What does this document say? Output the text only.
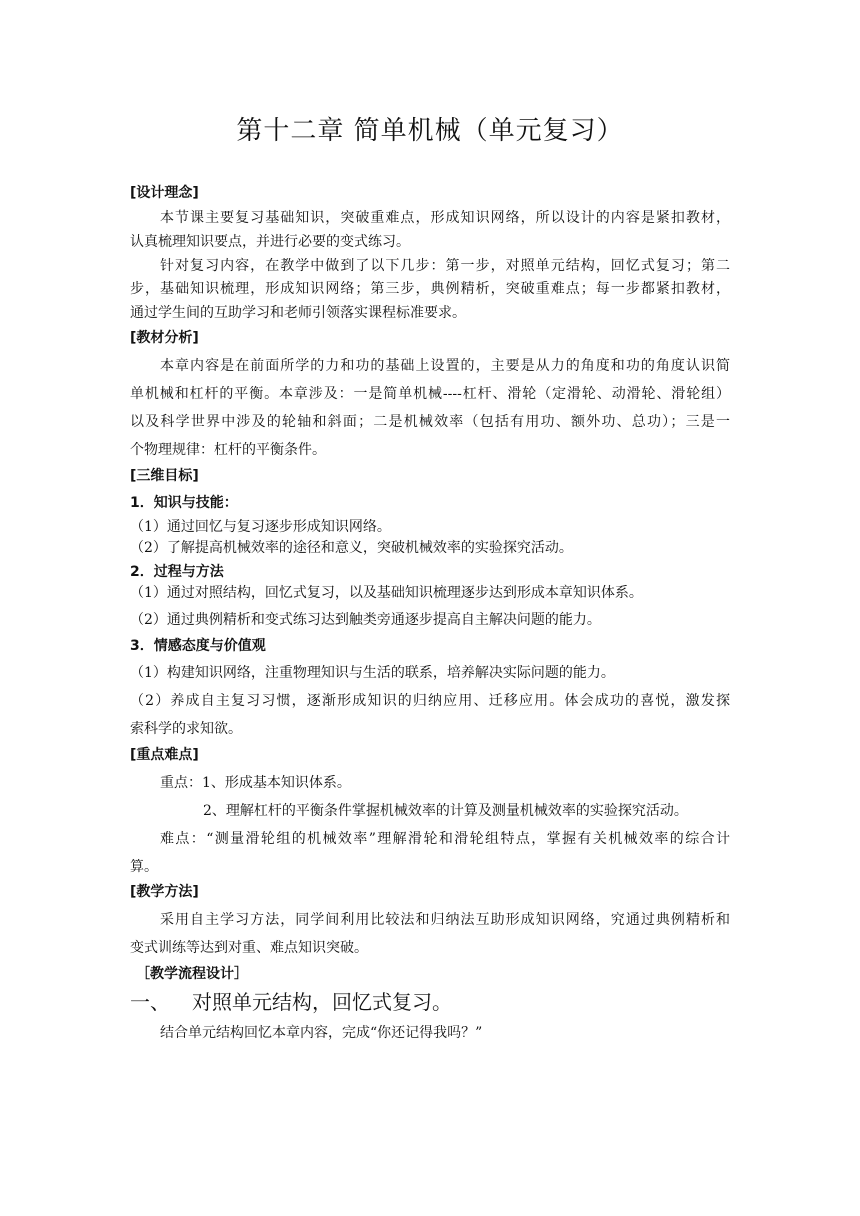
第十二章 简单机械（单元复习）
[设计理念]
本节课主要复习基础知识，突破重难点，形成知识网络，所以设计的内容是紧扣教材，
认真梳理知识要点，并进行必要的变式练习。
针对复习内容，在教学中做到了以下几步：第一步，对照单元结构，回忆式复习；第二
步，基础知识梳理，形成知识网络；第三步，典例精析，突破重难点；每一步都紧扣教材，
通过学生间的互助学习和老师引领落实课程标准要求。
[教材分析]
本章内容是在前面所学的力和功的基础上设置的，主要是从力的角度和功的角度认识简
单机械和杠杆的平衡。本章涉及：一是简单机械----杠杆、滑轮（定滑轮、动滑轮、滑轮组）
以及科学世界中涉及的轮轴和斜面；二是机械效率（包括有用功、额外功、总功）；三是一
个物理规律：杠杆的平衡条件。
[三维目标]
1．知识与技能：
（1）通过回忆与复习逐步形成知识网络。
（2）了解提高机械效率的途径和意义，突破机械效率的实验探究活动。
2．过程与方法
（1）通过对照结构，回忆式复习，以及基础知识梳理逐步达到形成本章知识体系。
（2）通过典例精析和变式练习达到触类旁通逐步提高自主解决问题的能力。
3．情感态度与价值观
（1）构建知识网络，注重物理知识与生活的联系，培养解决实际问题的能力。
（2）养成自主复习习惯，逐渐形成知识的归纳应用、迁移应用。体会成功的喜悦，激发探
索科学的求知欲。
[重点难点]
重点：1、形成基本知识体系。
2、理解杠杆的平衡条件掌握机械效率的计算及测量机械效率的实验探究活动。
难点：“测量滑轮组的机械效率”理解滑轮和滑轮组特点，掌握有关机械效率的综合计
算。
[教学方法]
采用自主学习方法，同学间利用比较法和归纳法互助形成知识网络，究通过典例精析和
变式训练等达到对重、难点知识突破。
［教学流程设计］
一、 对照单元结构，回忆式复习。
结合单元结构回忆本章内容，完成“你还记得我吗？”
